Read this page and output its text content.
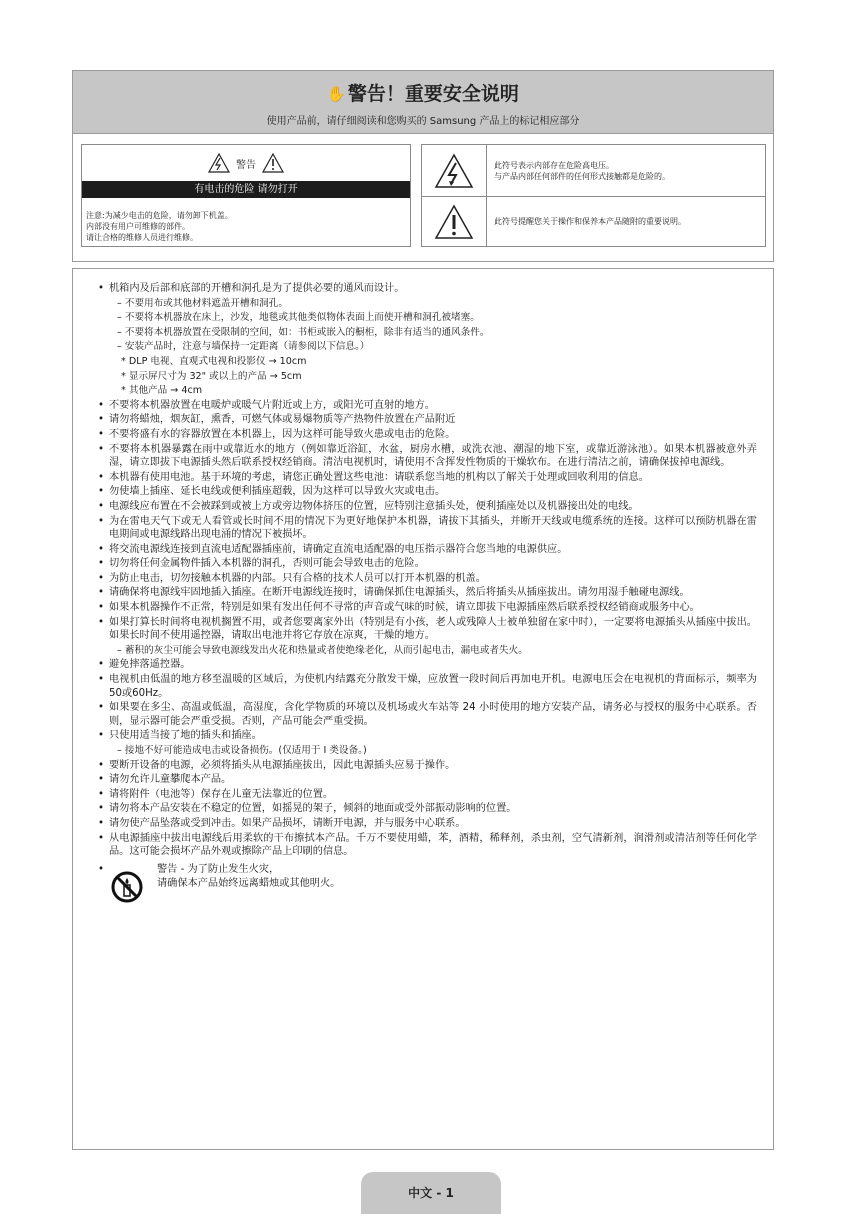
✋ 警告！重要安全说明
使用产品前，请仔细阅读和您购买的 Samsung 产品上的标记相应部分
警告
有电击的危险 请勿打开
注意:为减少电击的危险，请勿卸下机盖。
内部没有用户可维修的部件。
请让合格的维修人员进行维修。
此符号表示内部存在危险高电压。
与产品内部任何部件的任何形式接触都是危险的。
此符号提醒您关于操作和保养本产品随附的重要说明。
• 机箱内及后部和底部的开槽和洞孔是为了提供必要的通风而设计。
– 不要用布或其他材料遮盖开槽和洞孔。
– 不要将本机器放在床上，沙发，地毯或其他类似物体表面上而使开槽和洞孔被堵塞。
– 不要将本机器放置在受限制的空间，如：书柜或嵌入的橱柜，除非有适当的通风条件。
– 安装产品时，注意与墙保持一定距离（请参阅以下信息。）
* DLP 电视、直观式电视和投影仪 → 10cm
* 显示屏尺寸为 32" 或以上的产品 → 5cm
* 其他产品 → 4cm
• 不要将本机器放置在电暖炉或暖气片附近或上方，或阳光可直射的地方。
• 请勿将蜡烛，烟灰缸，熏香，可燃气体或易爆物质等产热物件放置在产品附近
• 不要将盛有水的容器放置在本机器上，因为这样可能导致火患或电击的危险。
• 不要将本机器暴露在雨中或靠近水的地方（例如靠近浴缸，水盆，厨房水槽，或洗衣池、潮湿的地下室，或靠近游泳池）。如果本机器被意外弄湿，请立即拔下电源插头然后联系授权经销商。清洁电视机时，请使用不含挥发性物质的干燥软布。在进行清洁之前，请确保拔掉电源线。
• 本机器有使用电池。基于环境的考虑，请您正确处置这些电池：请联系您当地的机构以了解关于处理或回收利用的信息。
• 勿使墙上插座、延长电线或便利插座超载，因为这样可以导致火灾或电击。
• 电源线应布置在不会被踩到或被上方或旁边物体挤压的位置，应特别注意插头处，便利插座处以及机器接出处的电线。
• 为在雷电天气下或无人看管或长时间不用的情况下为更好地保护本机器，请拔下其插头，并断开天线或电缆系统的连接。这样可以预防机器在雷电期间或电源线路出现电涌的情况下被损坏。
• 将交流电源线连接到直流电适配器插座前，请确定直流电适配器的电压指示器符合您当地的电源供应。
• 切勿将任何金属物件插入本机器的洞孔，否则可能会导致电击的危险。
• 为防止电击，切勿接触本机器的内部。只有合格的技术人员可以打开本机器的机盖。
• 请确保将电源线牢固地插入插座。在断开电源线连接时，请确保抓住电源插头，然后将插头从插座拔出。请勿用湿手触碰电源线。
• 如果本机器操作不正常，特别是如果有发出任何不寻常的声音或气味的时候，请立即拔下电源插座然后联系授权经销商或服务中心。
• 如果打算长时间将电视机搁置不用，或者您要离家外出（特别是有小孩，老人或残障人士被单独留在家中时），一定要将电源插头从插座中拔出。如果长时间不使用遥控器，请取出电池并将它存放在凉爽，干燥的地方。
– 蓄积的灰尘可能会导致电源线发出火花和热量或者使绝缘老化，从而引起电击，漏电或者失火。
• 避免摔落遥控器。
• 电视机由低温的地方移至温暖的区域后，为使机内结露充分散发干燥，应放置一段时间后再加电开机。电源电压会在电视机的背面标示，频率为50或60Hz。
• 如果要在多尘、高温或低温，高湿度，含化学物质的环境以及机场或火车站等 24 小时使用的地方安装产品，请务必与授权的服务中心联系。否则，显示器可能会严重受损。否则，产品可能会严重受损。
• 只使用适当接了地的插头和插座。
– 接地不好可能造成电击或设备损伤。(仅适用于 I 类设备。)
• 要断开设备的电源，必须将插头从电源插座拔出，因此电源插头应易于操作。
• 请勿允许儿童攀爬本产品。
• 请将附件（电池等）保存在儿童无法靠近的位置。
• 请勿将本产品安装在不稳定的位置，如摇晃的架子，倾斜的地面或受外部振动影响的位置。
• 请勿使产品坠落或受到冲击。如果产品损坏，请断开电源，并与服务中心联系。
• 从电源插座中拔出电源线后用柔软的干布擦拭本产品。千万不要使用蜡，苯，酒精，稀释剂，杀虫剂，空气清新剂，润滑剂或清洁剂等任何化学品。这可能会损坏产品外观或擦除产品上印刷的信息。
•	警告 - 为了防止发生火灾，
请确保本产品始终远离蜡烛或其他明火。
中文 - 1
